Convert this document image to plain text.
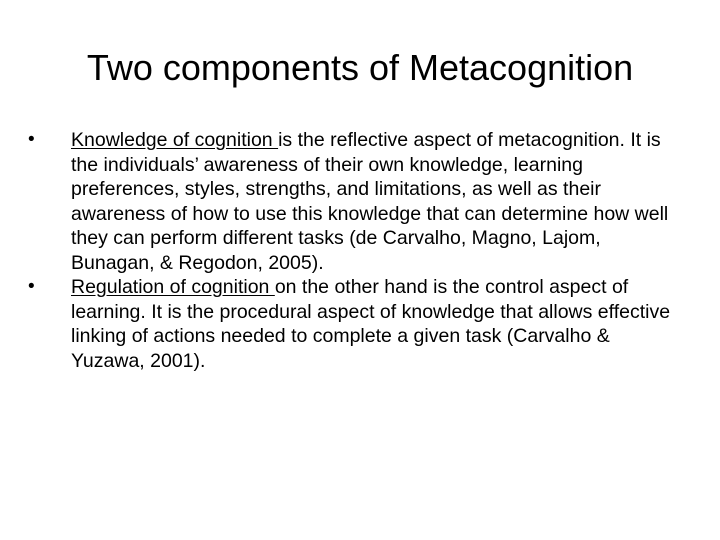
Two components of Metacognition
•	Knowledge of cognition is the reflective aspect of metacognition. It is the individuals’ awareness of their own knowledge, learning preferences, styles, strengths, and limitations, as well as their awareness of how to use this knowledge that can determine how well they can perform different tasks (de Carvalho, Magno, Lajom, Bunagan, & Regodon, 2005).
•	Regulation of cognition on the other hand is the control aspect of learning. It is the procedural aspect of knowledge that allows effective linking of actions needed to complete a given task (Carvalho & Yuzawa, 2001).
